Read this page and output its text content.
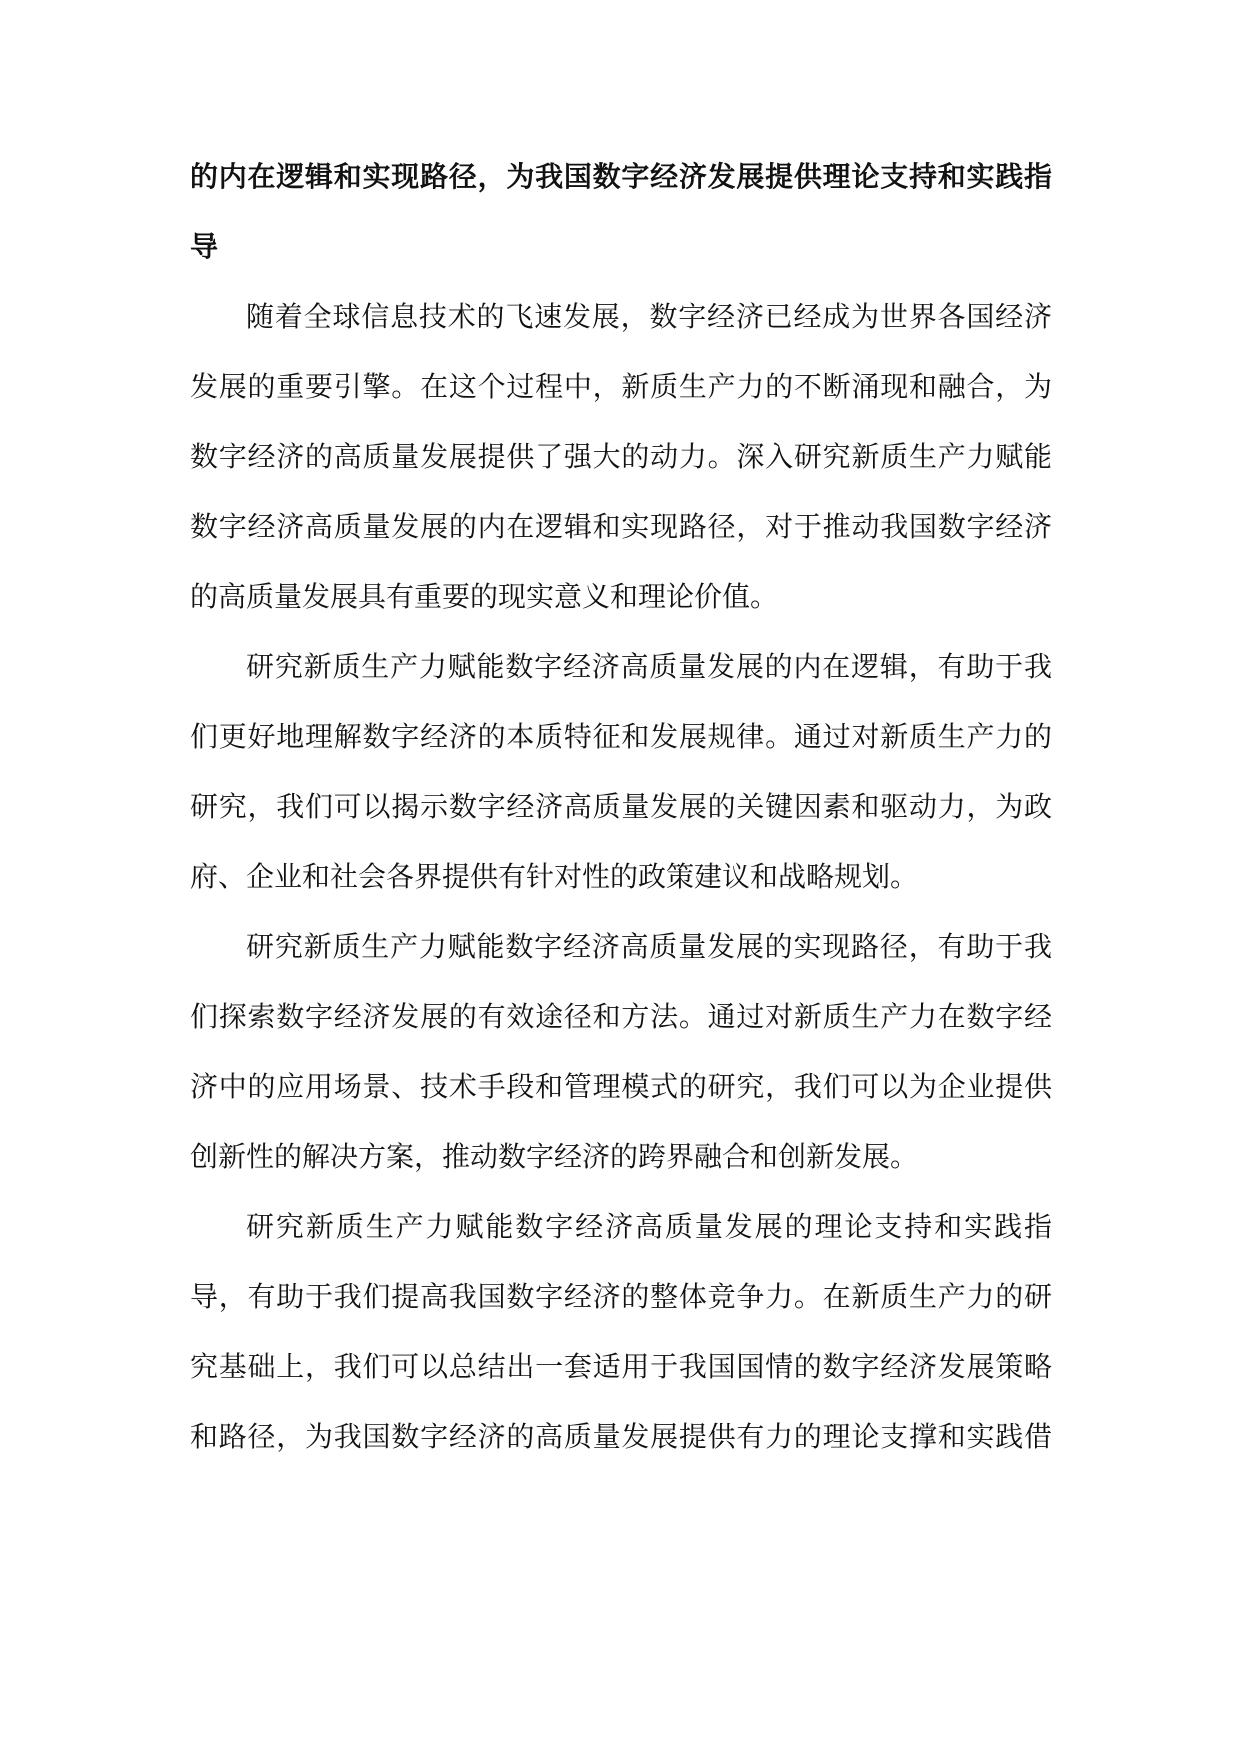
的内在逻辑和实现路径，为我国数字经济发展提供理论支持和实践指
导
随着全球信息技术的飞速发展，数字经济已经成为世界各国经济
发展的重要引擎。在这个过程中，新质生产力的不断涌现和融合，为
数字经济的高质量发展提供了强大的动力。深入研究新质生产力赋能
数字经济高质量发展的内在逻辑和实现路径，对于推动我国数字经济
的高质量发展具有重要的现实意义和理论价值。
研究新质生产力赋能数字经济高质量发展的内在逻辑，有助于我
们更好地理解数字经济的本质特征和发展规律。通过对新质生产力的
研究，我们可以揭示数字经济高质量发展的关键因素和驱动力，为政
府、企业和社会各界提供有针对性的政策建议和战略规划。
研究新质生产力赋能数字经济高质量发展的实现路径，有助于我
们探索数字经济发展的有效途径和方法。通过对新质生产力在数字经
济中的应用场景、技术手段和管理模式的研究，我们可以为企业提供
创新性的解决方案，推动数字经济的跨界融合和创新发展。
研究新质生产力赋能数字经济高质量发展的理论支持和实践指
导，有助于我们提高我国数字经济的整体竞争力。在新质生产力的研
究基础上，我们可以总结出一套适用于我国国情的数字经济发展策略
和路径，为我国数字经济的高质量发展提供有力的理论支撑和实践借
